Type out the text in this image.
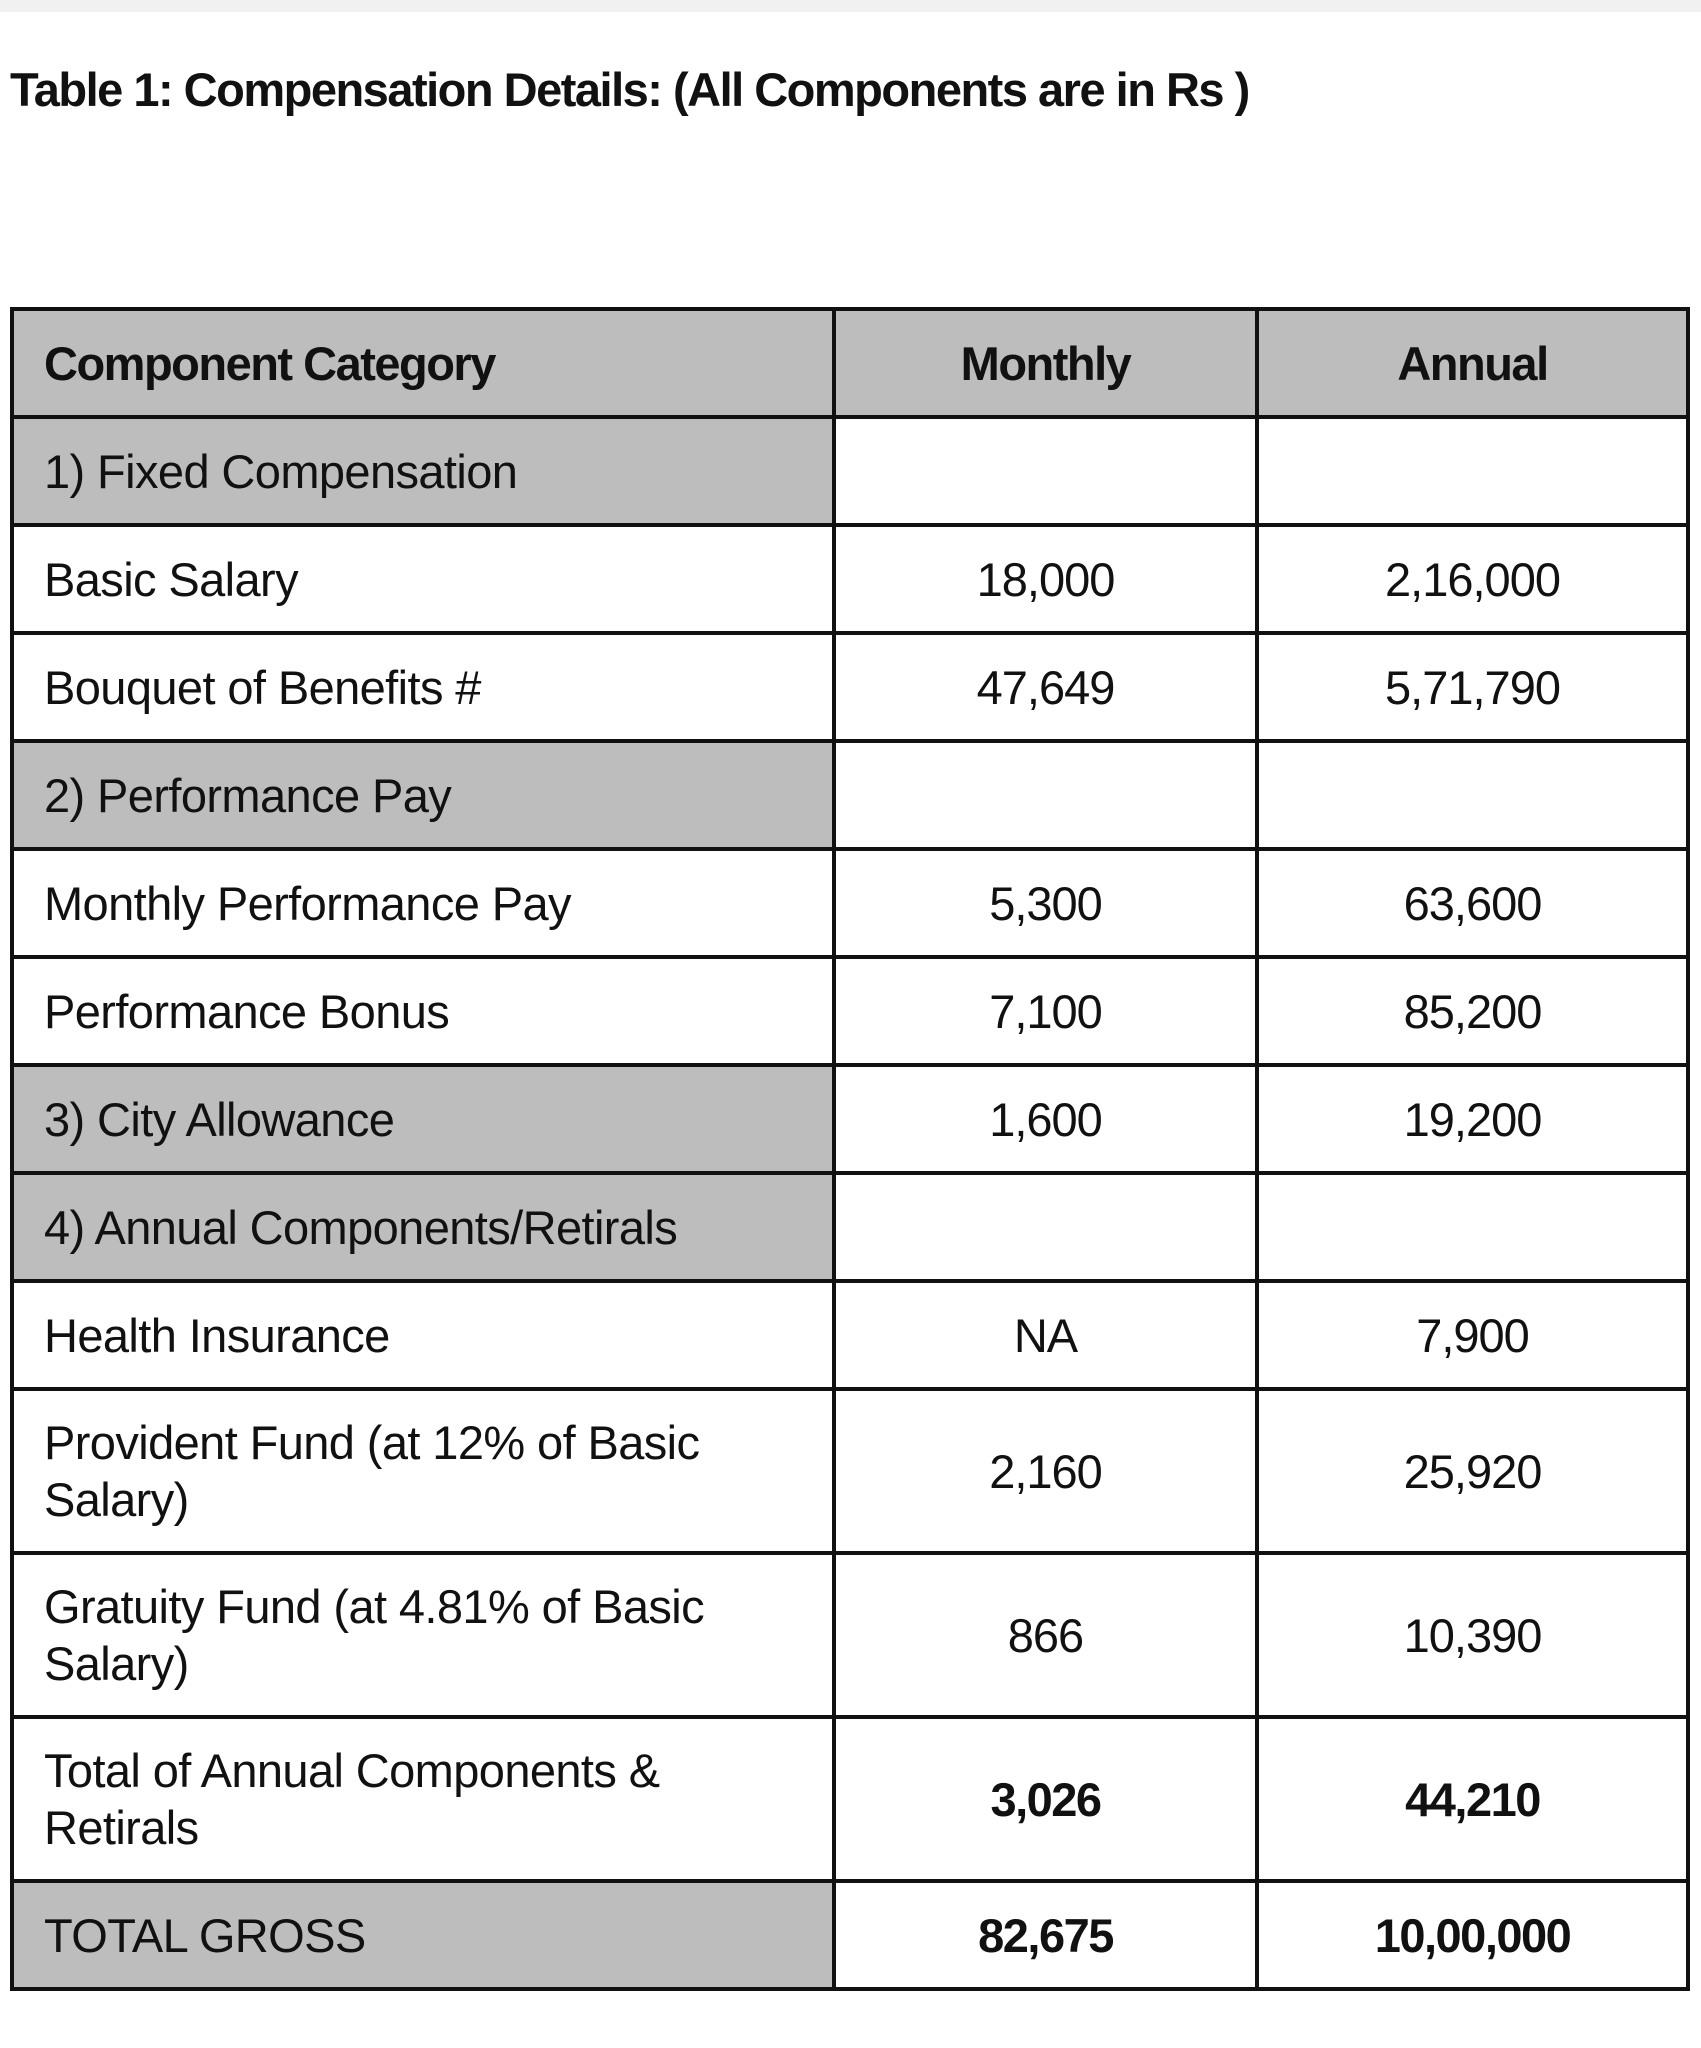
Table 1: Compensation Details: (All Components are in Rs )
Component Category	Monthly	Annual
1) Fixed Compensation		
Basic Salary	18,000	2,16,000
Bouquet of Benefits #	47,649	5,71,790
2) Performance Pay		
Monthly Performance Pay	5,300	63,600
Performance Bonus	7,100	85,200
3) City Allowance	1,600	19,200
4) Annual Components/Retirals		
Health Insurance	NA	7,900
Provident Fund (at 12% of Basic Salary)	2,160	25,920
Gratuity Fund (at 4.81% of Basic Salary)	866	10,390
Total of Annual Components & Retirals	3,026	44,210
TOTAL GROSS	82,675	10,00,000
